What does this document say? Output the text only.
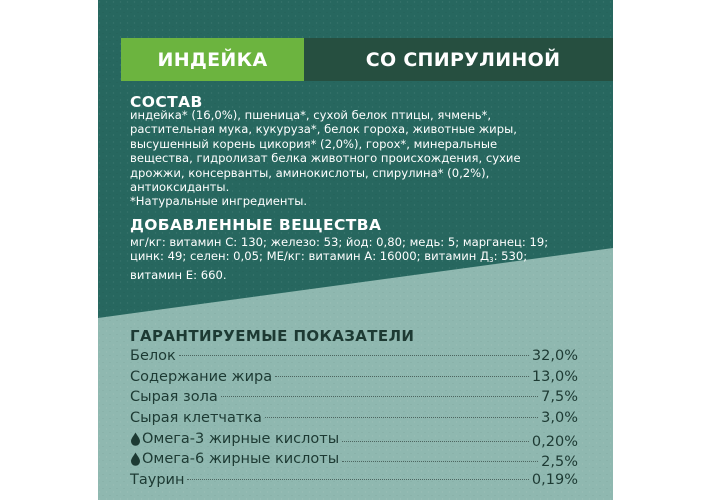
ИНДЕЙКА	СО СПИРУЛИНОЙ
СОСТАВ

индейка* (16,0%), пшеница*, сухой белок птицы, ячмень*,

растительная мука, кукуруза*, белок гороха, животные жиры,

высушенный корень цикория* (2,0%), горох*, минеральные

вещества, гидролизат белка животного происхождения, сухие

дрожжи, консерванты, аминокислоты, спирулина* (0,2%),

антиоксиданты.

*Натуральные ингредиенты.

ДОБАВЛЕННЫЕ ВЕЩЕСТВА

мг/кг: витамин С: 130; железо: 53; йод: 0,80; медь: 5; марганец: 19;

цинк: 49; селен: 0,05; МЕ/кг: витамин А: 16000; витамин $Д_3$: 530;

витамин Е: 660.

ГАРАНТИРУЕМЫЕ ПОКАЗАТЕЛИ
Белок	32,0%
Содержание жира	13,0%
Сырая зола	7,5%
Сырая клетчатка	3,0%
Омега-3 жирные кислоты	0,20%
Омега-6 жирные кислоты	2,5%
Таурин	0,19%
